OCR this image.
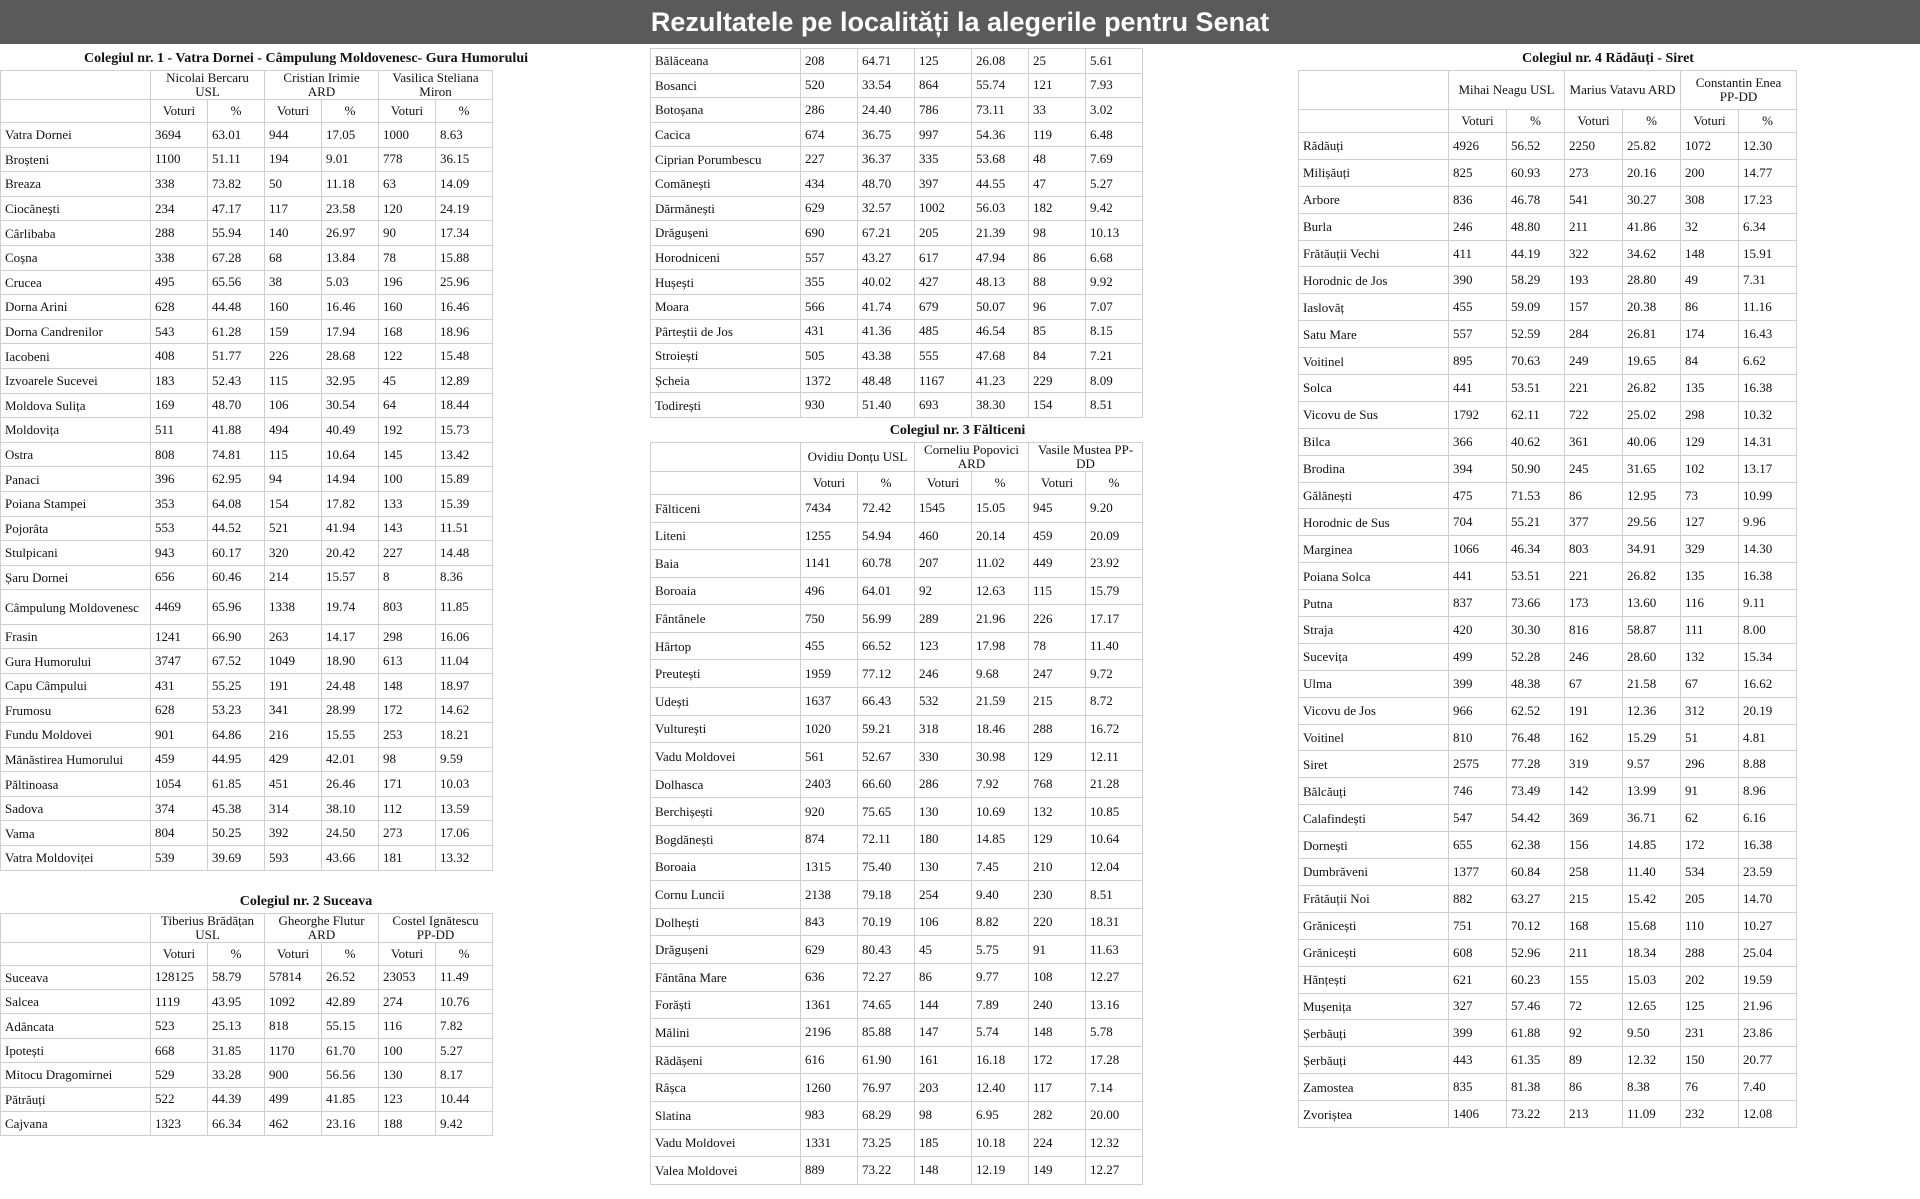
Rezultatele pe localități la alegerile pentru Senat
Colegiul nr. 1 - Vatra Dornei - Câmpulung Moldovenesc- Gura Humorului
	Nicolai Bercaru USL		Cristian Irimie ARD		Vasilica Steliana Miron	
	Voturi	%	Voturi	%	Voturi	%
Vatra Dornei	3694	63.01	944	17.05	1000	8.63
Broșteni	1100	51.11	194	9.01	778	36.15
Breaza	338	73.82	50	11.18	63	14.09
Ciocănești	234	47.17	117	23.58	120	24.19
Cârlibaba	288	55.94	140	26.97	90	17.34
Coșna	338	67.28	68	13.84	78	15.88
Crucea	495	65.56	38	5.03	196	25.96
Dorna Arini	628	44.48	160	16.46	160	16.46
Dorna Candrenilor	543	61.28	159	17.94	168	18.96
Iacobeni	408	51.77	226	28.68	122	15.48
Izvoarele Sucevei	183	52.43	115	32.95	45	12.89
Moldova Sulița	169	48.70	106	30.54	64	18.44
Moldovița	511	41.88	494	40.49	192	15.73
Ostra	808	74.81	115	10.64	145	13.42
Panaci	396	62.95	94	14.94	100	15.89
Poiana Stampei	353	64.08	154	17.82	133	15.39
Pojorâta	553	44.52	521	41.94	143	11.51
Stulpicani	943	60.17	320	20.42	227	14.48
Șaru Dornei	656	60.46	214	15.57	8	8.36
Câmpulung Moldovenesc	4469	65.96	1338	19.74	803	11.85
Frasin	1241	66.90	263	14.17	298	16.06
Gura Humorului	3747	67.52	1049	18.90	613	11.04
Capu Câmpului	431	55.25	191	24.48	148	18.97
Frumosu	628	53.23	341	28.99	172	14.62
Fundu Moldovei	901	64.86	216	15.55	253	18.21
Mănăstirea Humorului	459	44.95	429	42.01	98	9.59
Păltinoasa	1054	61.85	451	26.46	171	10.03
Sadova	374	45.38	314	38.10	112	13.59
Vama	804	50.25	392	24.50	273	17.06
Vatra Moldoviței	539	39.69	593	43.66	181	13.32
Colegiul nr. 2 Suceava
	Tiberius Brădățan USL		Gheorghe Flutur ARD		Costel Ignătescu PP-DD	
	Voturi	%	Voturi	%	Voturi	%
Suceava	128125	58.79	57814	26.52	23053	11.49
Salcea	1119	43.95	1092	42.89	274	10.76
Adâncata	523	25.13	818	55.15	116	7.82
Ipotești	668	31.85	1170	61.70	100	5.27
Mitocu Dragomirnei	529	33.28	900	56.56	130	8.17
Pătrăuți	522	44.39	499	41.85	123	10.44
Cajvana	1323	66.34	462	23.16	188	9.42
Bălăceana	208	64.71	125	26.08	25	5.61
Bosanci	520	33.54	864	55.74	121	7.93
Botoșana	286	24.40	786	73.11	33	3.02
Cacica	674	36.75	997	54.36	119	6.48
Ciprian Porumbescu	227	36.37	335	53.68	48	7.69
Comănești	434	48.70	397	44.55	47	5.27
Dărmănești	629	32.57	1002	56.03	182	9.42
Drăgușeni	690	67.21	205	21.39	98	10.13
Horodniceni	557	43.27	617	47.94	86	6.68
Hușești	355	40.02	427	48.13	88	9.92
Moara	566	41.74	679	50.07	96	7.07
Pârteștii de Jos	431	41.36	485	46.54	85	8.15
Stroiești	505	43.38	555	47.68	84	7.21
Șcheia	1372	48.48	1167	41.23	229	8.09
Todirești	930	51.40	693	38.30	154	8.51
Colegiul nr. 3 Fălticeni
	Ovidiu Donțu USL		Corneliu Popovici ARD		Vasile Mustea PP-DD	
	Voturi	%	Voturi	%	Voturi	%
Fălticeni	7434	72.42	1545	15.05	945	9.20
Liteni	1255	54.94	460	20.14	459	20.09
Baia	1141	60.78	207	11.02	449	23.92
Boroaia	496	64.01	92	12.63	115	15.79
Fântânele	750	56.99	289	21.96	226	17.17
Hârtop	455	66.52	123	17.98	78	11.40
Preutești	1959	77.12	246	9.68	247	9.72
Udești	1637	66.43	532	21.59	215	8.72
Vulturești	1020	59.21	318	18.46	288	16.72
Vadu Moldovei	561	52.67	330	30.98	129	12.11
Dolhasca	2403	66.60	286	7.92	768	21.28
Berchișești	920	75.65	130	10.69	132	10.85
Bogdănești	874	72.11	180	14.85	129	10.64
Boroaia	1315	75.40	130	7.45	210	12.04
Cornu Luncii	2138	79.18	254	9.40	230	8.51
Dolhești	843	70.19	106	8.82	220	18.31
Drăgușeni	629	80.43	45	5.75	91	11.63
Fântâna Mare	636	72.27	86	9.77	108	12.27
Forăști	1361	74.65	144	7.89	240	13.16
Mălini	2196	85.88	147	5.74	148	5.78
Rădășeni	616	61.90	161	16.18	172	17.28
Râșca	1260	76.97	203	12.40	117	7.14
Slatina	983	68.29	98	6.95	282	20.00
Vadu Moldovei	1331	73.25	185	10.18	224	12.32
Valea Moldovei	889	73.22	148	12.19	149	12.27
Colegiul nr. 4 Rădăuți - Siret
	Mihai Neagu USL		Marius Vatavu ARD		Constantin Enea PP-DD	
	Voturi	%	Voturi	%	Voturi	%
Rădăuți	4926	56.52	2250	25.82	1072	12.30
Milișăuți	825	60.93	273	20.16	200	14.77
Arbore	836	46.78	541	30.27	308	17.23
Burla	246	48.80	211	41.86	32	6.34
Frătăuții Vechi	411	44.19	322	34.62	148	15.91
Horodnic de Jos	390	58.29	193	28.80	49	7.31
Iaslovăț	455	59.09	157	20.38	86	11.16
Satu Mare	557	52.59	284	26.81	174	16.43
Voitinel	895	70.63	249	19.65	84	6.62
Solca	441	53.51	221	26.82	135	16.38
Vicovu de Sus	1792	62.11	722	25.02	298	10.32
Bilca	366	40.62	361	40.06	129	14.31
Brodina	394	50.90	245	31.65	102	13.17
Gălănești	475	71.53	86	12.95	73	10.99
Horodnic de Sus	704	55.21	377	29.56	127	9.96
Marginea	1066	46.34	803	34.91	329	14.30
Poiana Solca	441	53.51	221	26.82	135	16.38
Putna	837	73.66	173	13.60	116	9.11
Straja	420	30.30	816	58.87	111	8.00
Sucevița	499	52.28	246	28.60	132	15.34
Ulma	399	48.38	67	21.58	67	16.62
Vicovu de Jos	966	62.52	191	12.36	312	20.19
Voitinel	810	76.48	162	15.29	51	4.81
Siret	2575	77.28	319	9.57	296	8.88
Bălcăuți	746	73.49	142	13.99	91	8.96
Calafindești	547	54.42	369	36.71	62	6.16
Dornești	655	62.38	156	14.85	172	16.38
Dumbrăveni	1377	60.84	258	11.40	534	23.59
Frătăuții Noi	882	63.27	215	15.42	205	14.70
Grănicești	751	70.12	168	15.68	110	10.27
Grănicești	608	52.96	211	18.34	288	25.04
Hănțești	621	60.23	155	15.03	202	19.59
Mușenița	327	57.46	72	12.65	125	21.96
Șerbăuți	399	61.88	92	9.50	231	23.86
Șerbăuți	443	61.35	89	12.32	150	20.77
Zamostea	835	81.38	86	8.38	76	7.40
Zvoriștea	1406	73.22	213	11.09	232	12.08
